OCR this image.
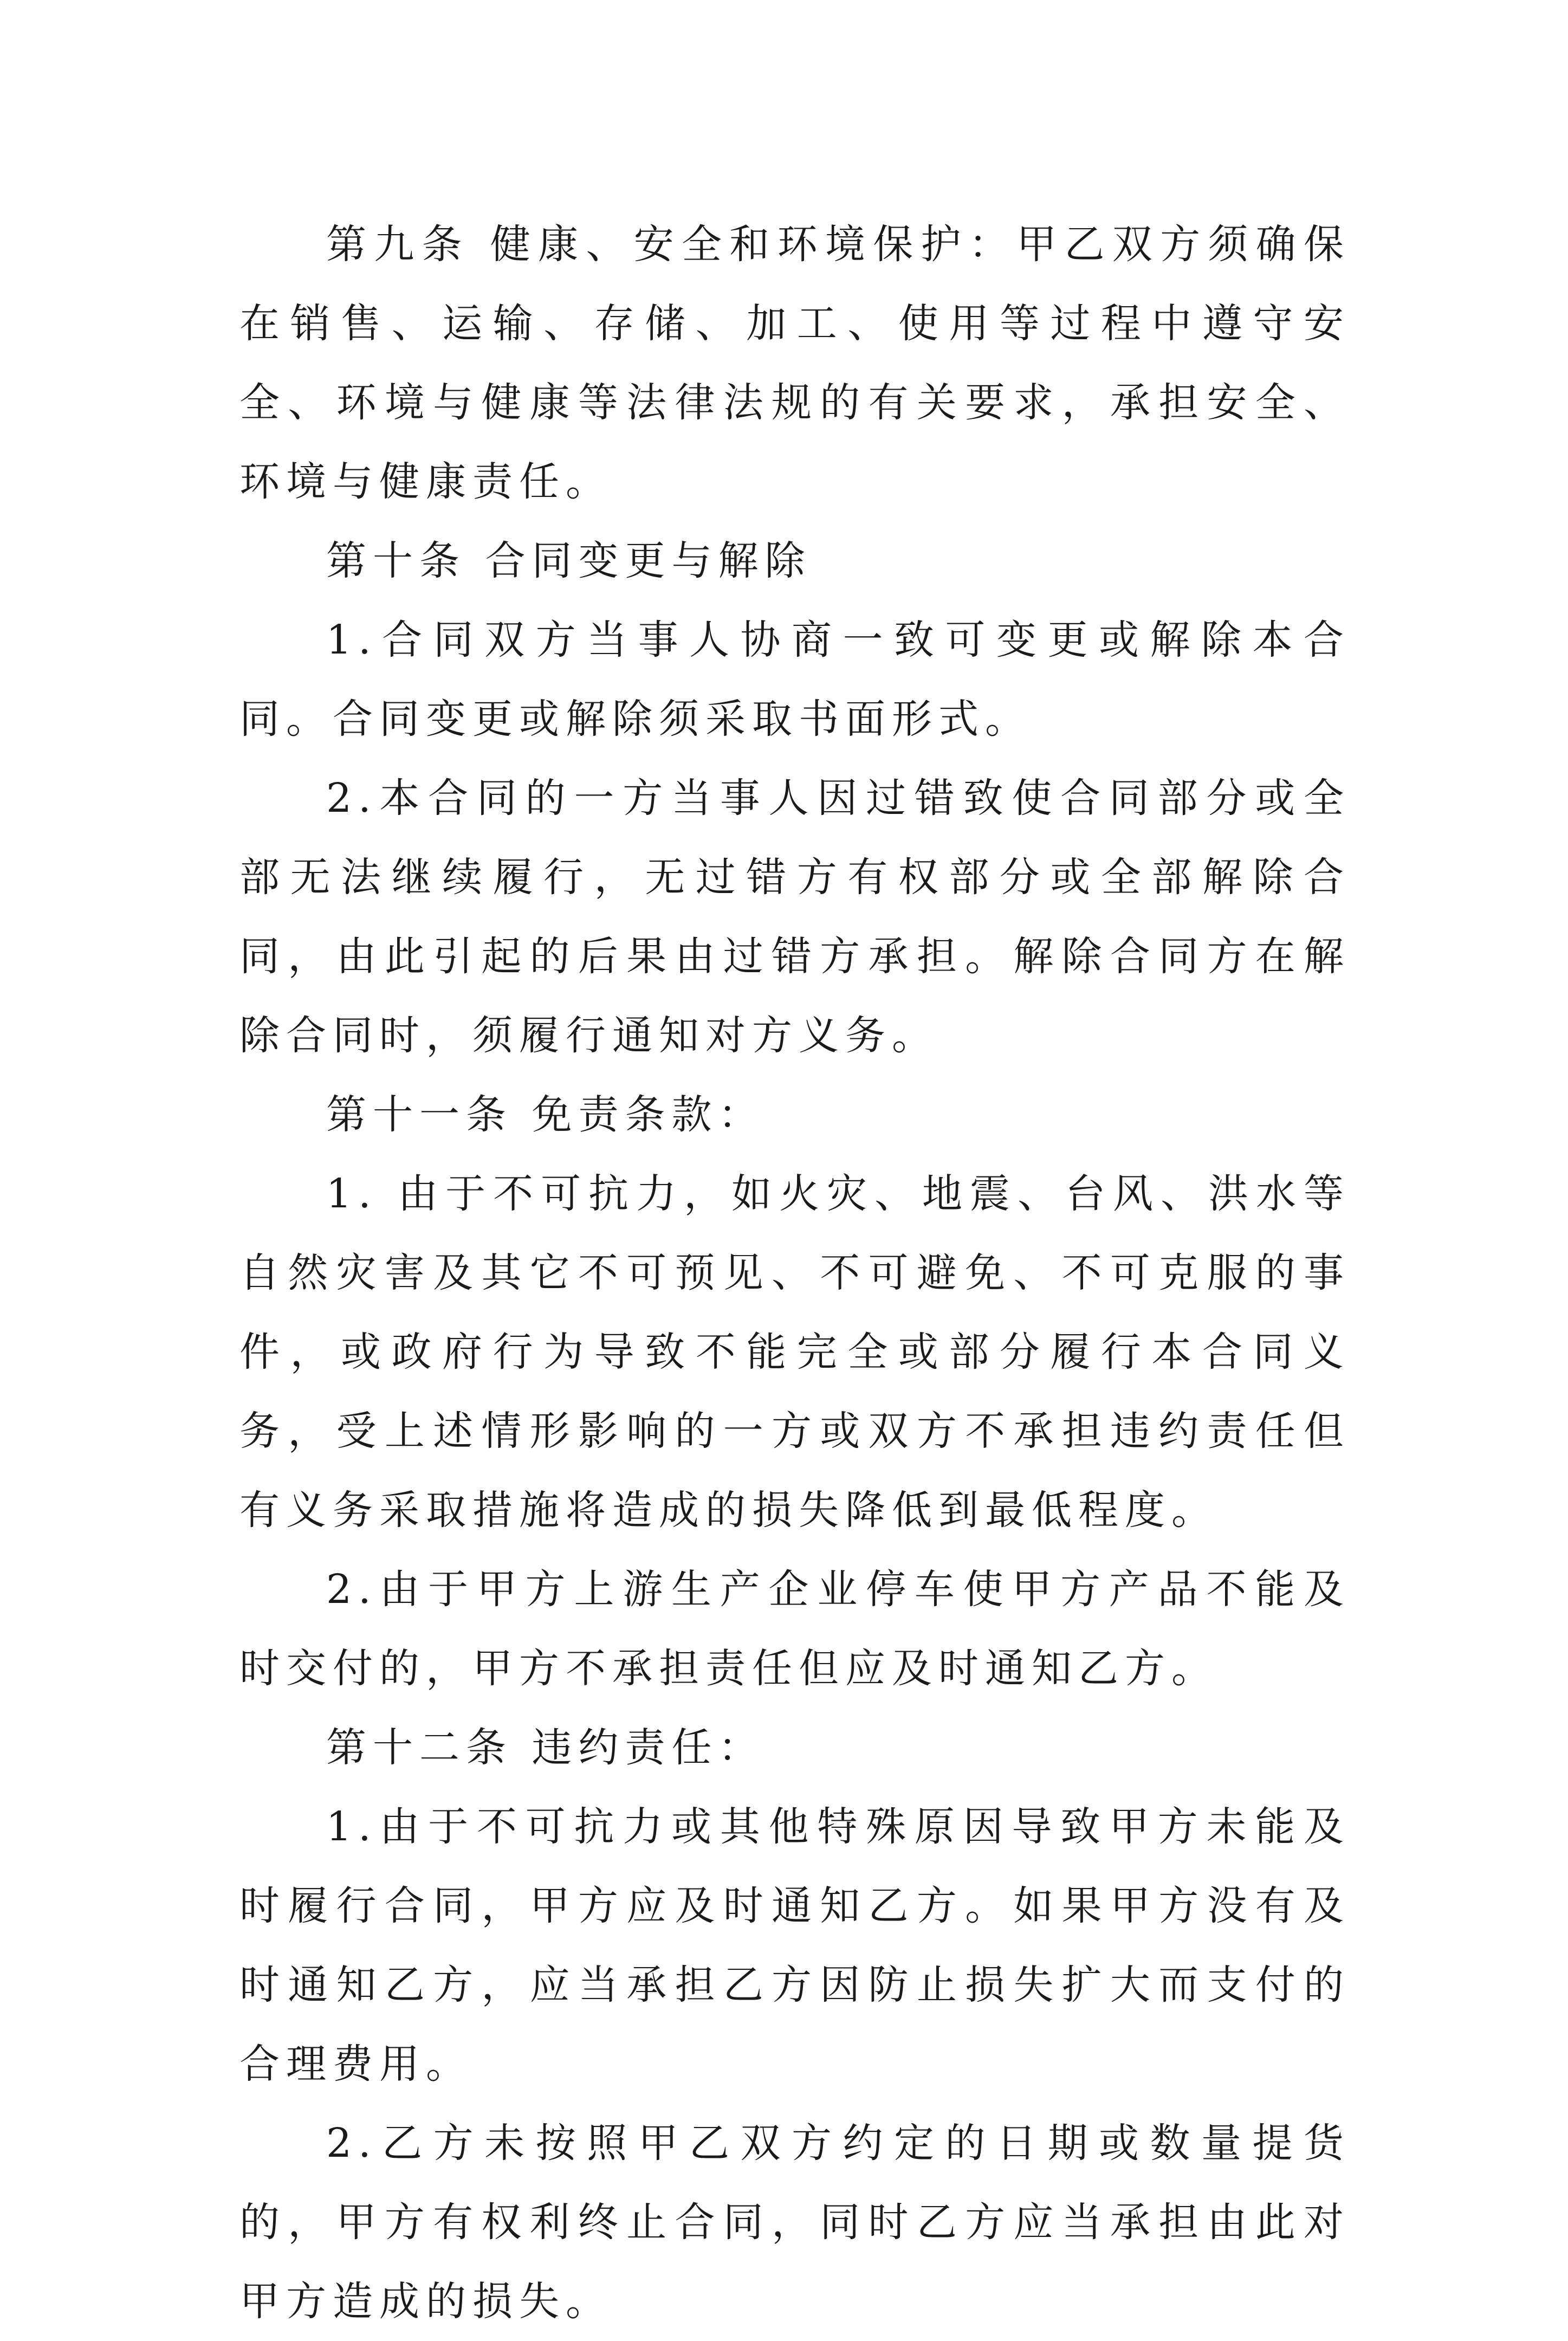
第九条 健康、安全和环境保护：甲乙双方须确保在销售、运输、存储、加工、使用等过程中遵守安全、环境与健康等法律法规的有关要求，承担安全、环境与健康责任。

第十条 合同变更与解除

1.合同双方当事人协商一致可变更或解除本合同。合同变更或解除须采取书面形式。

2.本合同的一方当事人因过错致使合同部分或全部无法继续履行，无过错方有权部分或全部解除合同，由此引起的后果由过错方承担。解除合同方在解除合同时，须履行通知对方义务。

第十一条 免责条款：

1. 由于不可抗力，如火灾、地震、台风、洪水等自然灾害及其它不可预见、不可避免、不可克服的事件，或政府行为导致不能完全或部分履行本合同义务，受上述情形影响的一方或双方不承担违约责任但有义务采取措施将造成的损失降低到最低程度。

2.由于甲方上游生产企业停车使甲方产品不能及时交付的，甲方不承担责任但应及时通知乙方。

第十二条 违约责任：

1.由于不可抗力或其他特殊原因导致甲方未能及时履行合同，甲方应及时通知乙方。如果甲方没有及时通知乙方，应当承担乙方因防止损失扩大而支付的合理费用。

2.乙方未按照甲乙双方约定的日期或数量提货的，甲方有权利终止合同，同时乙方应当承担由此对甲方造成的损失。
